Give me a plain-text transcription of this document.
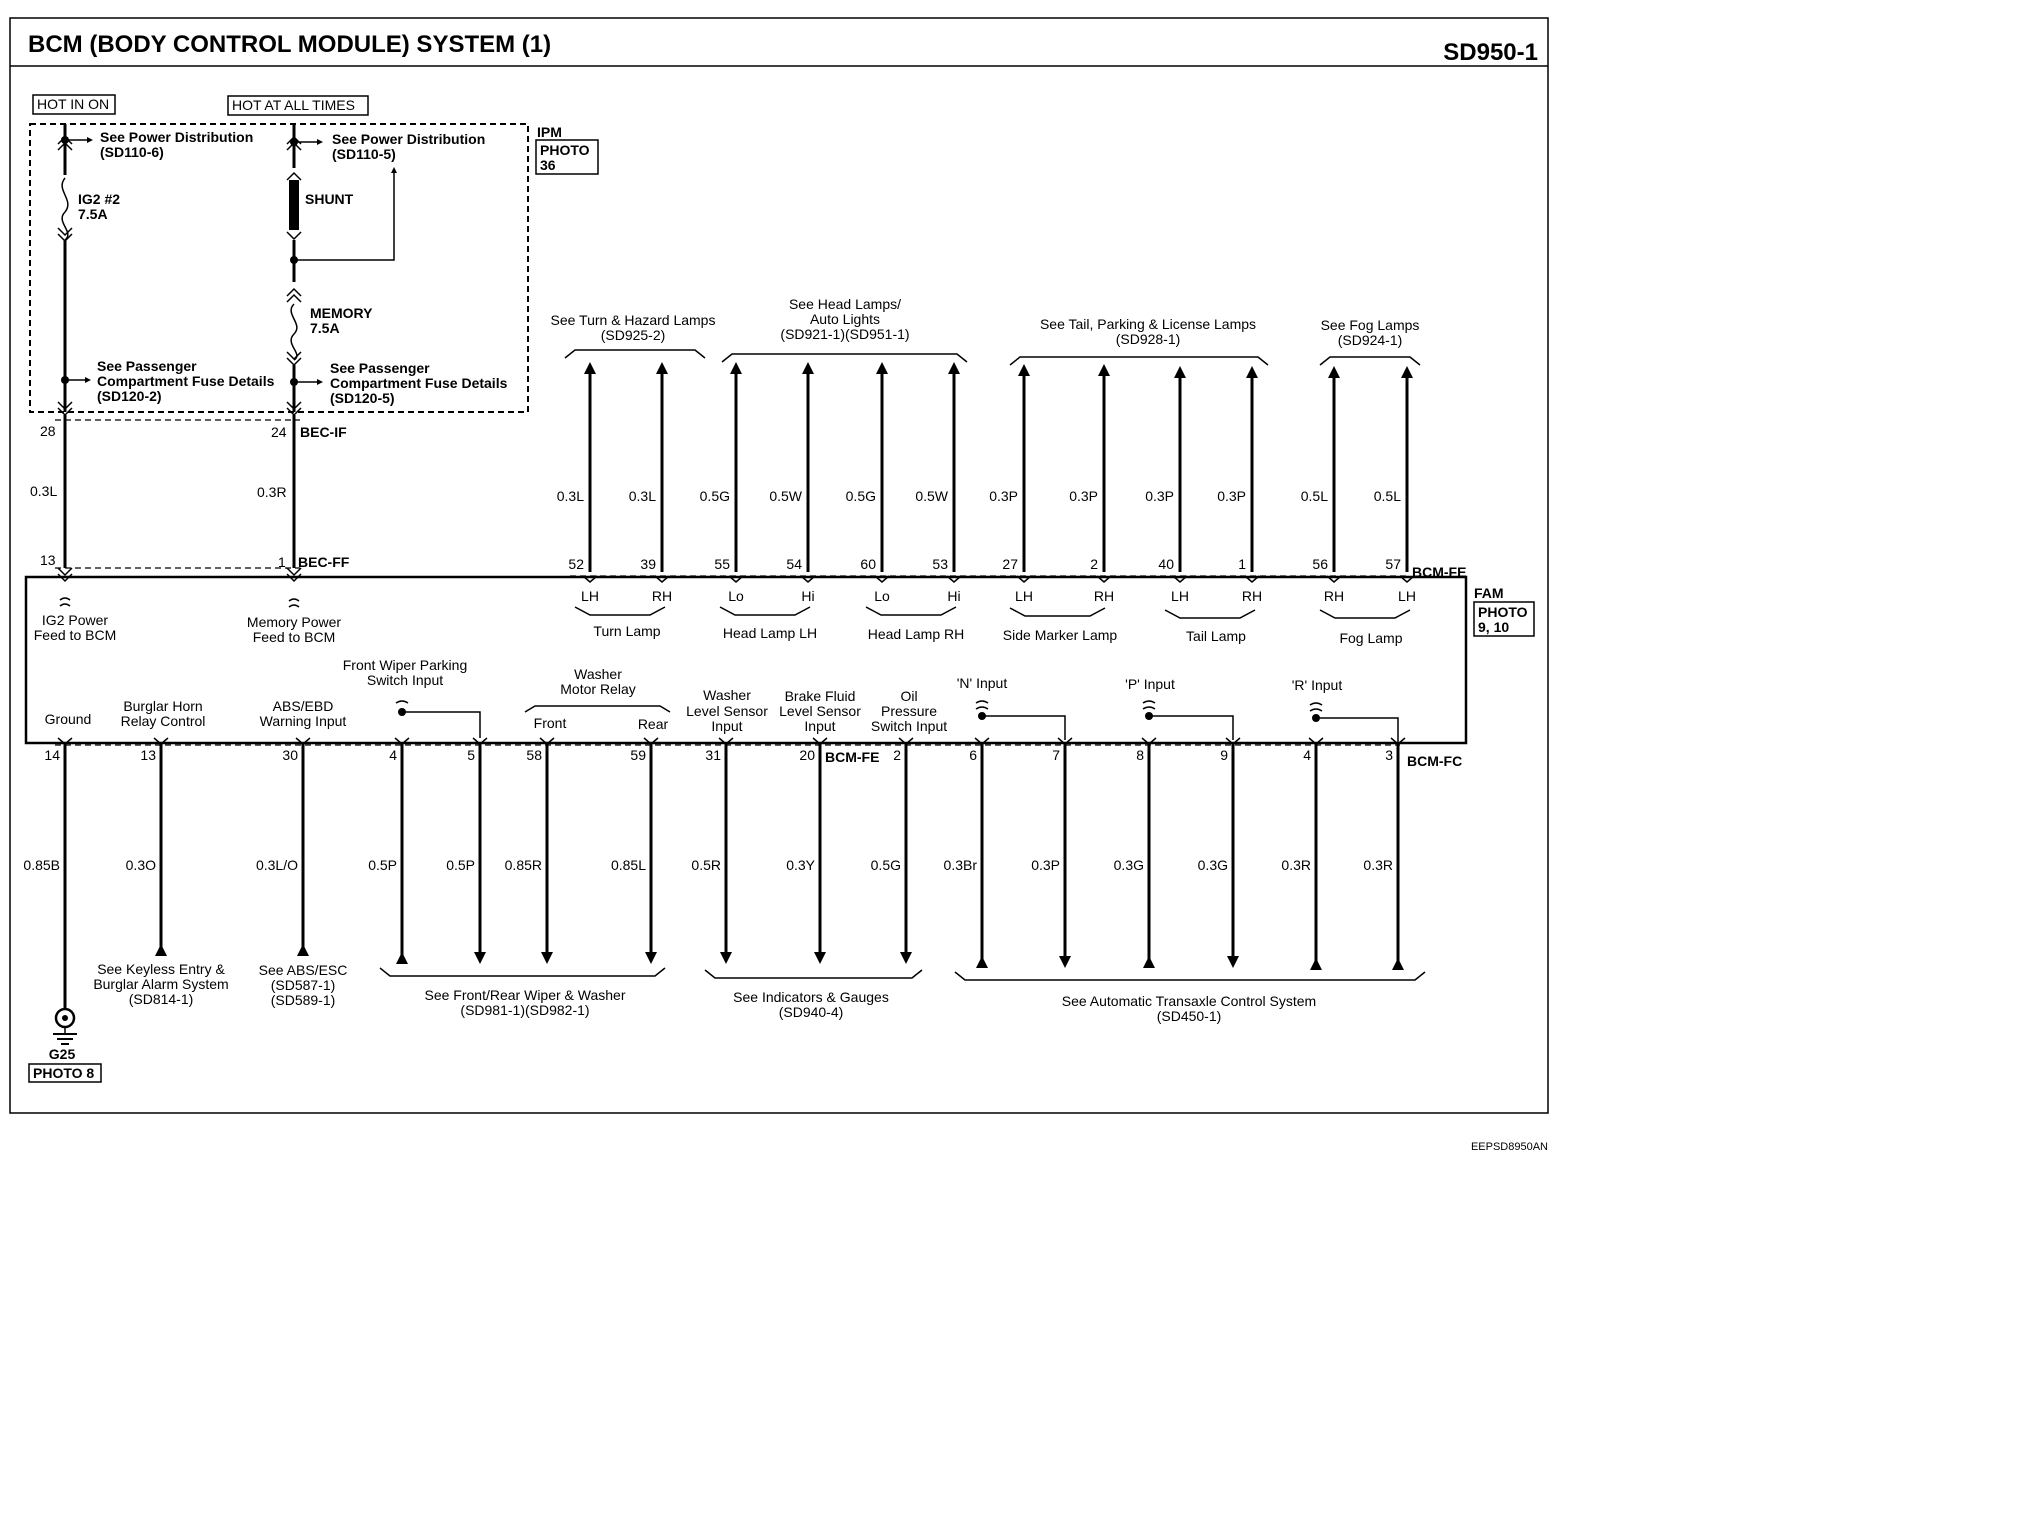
BCM (BODY CONTROL MODULE) SYSTEM (1)	SD950-1
EEPSD8950AN
HOT IN ON	HOT AT ALL TIMES
IPM
PHOTO
36
See Power Distribution
(SD110-6)
IG2 #2
7.5A
See Passenger
Compartment Fuse Details
(SD120-2)
See Power Distribution
(SD110-5)
SHUNT
MEMORY
7.5A
See Passenger
Compartment Fuse Details
(SD120-5)
28	24 BEC-IF
0.3L	0.3R
13	1 BEC-FF
FAM
PHOTO
9, 10
IG2 Power
Feed to BCM
Memory Power
Feed to BCM
See Turn & Hazard Lamps
(SD925-2)
See Head Lamps/
Auto Lights
(SD921-1)(SD951-1)
See Tail, Parking & License Lamps
(SD928-1)
See Fog Lamps
(SD924-1)
0.3L
52
LH
0.3L
39
RH
0.5G
55
Lo
0.5W
54
Hi
0.5G
60
Lo
0.5W
53
Hi
0.3P
27
LH
0.3P
2
RH
0.3P
40
LH
0.3P
1
RH
0.5L
56
RH
0.5L
57
LH
BCM-FE
Turn Lamp	Head Lamp LH	Head Lamp RH	Side Marker Lamp	Tail Lamp	Fog Lamp
Ground
Burglar Horn
Relay Control
ABS/EBD
Warning Input
Front Wiper Parking
Switch Input	Washer
Motor Relay
Front	Rear
Washer
Level Sensor
Input
Brake Fluid
Level Sensor
Input
Oil
Pressure
Switch Input
'N' Input	'P' Input	'R' Input
14
0.85B
13
0.3O
30
0.3L/O
4
0.5P
5
0.5P
58
0.85R
59
0.85L
31
0.5R
20
0.3Y
2
0.5G
6
0.3Br
7
0.3P
8
0.3G
9
0.3G
4
0.3R
3
0.3R
BCM-FE	BCM-FC
G25
PHOTO 8
See Keyless Entry &
Burglar Alarm System
(SD814-1)
See ABS/ESC
(SD587-1)
(SD589-1)	See Front/Rear Wiper & Washer
(SD981-1)(SD982-1)
See Indicators & Gauges
(SD940-4)
See Automatic Transaxle Control System
(SD450-1)
